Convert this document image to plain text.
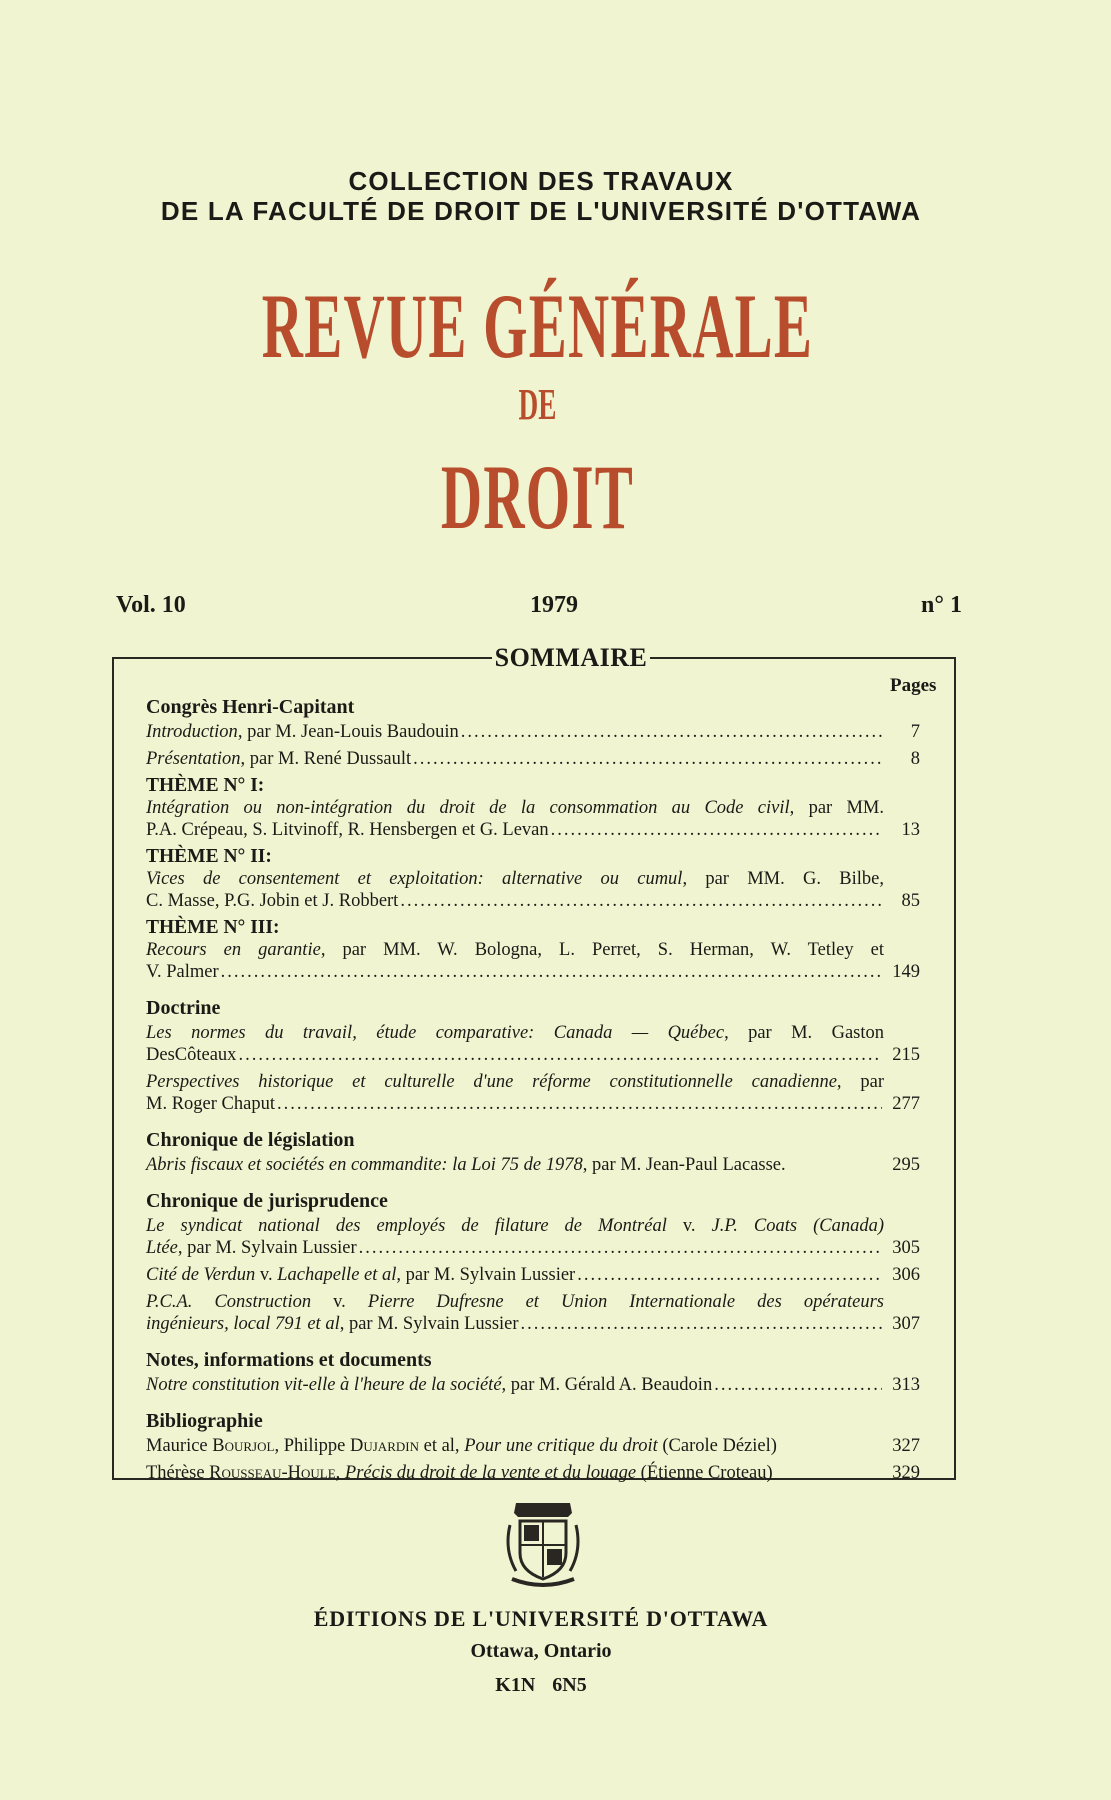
COLLECTION DES TRAVAUX
DE LA FACULTÉ DE DROIT DE L'UNIVERSITÉ D'OTTAWA
REVUE GÉNÉRALE
DE
DROIT
Vol. 10	1979	n° 1
SOMMAIRE
Pages
Congrès Henri-Capitant
Introduction, par M. Jean-Louis Baudouin .....	7
Présentation, par M. René Dussault .....	8
THÈME N° I:
Intégration ou non-intégration du droit de la consommation au Code civil, par MM.
P.A. Crépeau, S. Litvinoff, R. Hensbergen et G. Levan .....	13
THÈME N° II:
Vices de consentement et exploitation: alternative ou cumul, par MM. G. Bilbe,
C. Masse, P.G. Jobin et J. Robbert .....	85
THÈME N° III:
Recours en garantie, par MM. W. Bologna, L. Perret, S. Herman, W. Tetley et
V. Palmer .....	149
Doctrine
Les normes du travail, étude comparative: Canada — Québec, par M. Gaston
DesCôteaux .....	215
Perspectives historique et culturelle d'une réforme constitutionnelle canadienne, par
M. Roger Chaput .....	277
Chronique de législation
Abris fiscaux et sociétés en commandite: la Loi 75 de 1978, par M. Jean-Paul Lacasse.	295
Chronique de jurisprudence
Le syndicat national des employés de filature de Montréal v. J.P. Coats (Canada)
Ltée, par M. Sylvain Lussier .....	305
Cité de Verdun v. Lachapelle et al, par M. Sylvain Lussier .....	306
P.C.A. Construction v. Pierre Dufresne et Union Internationale des opérateurs
ingénieurs, local 791 et al, par M. Sylvain Lussier .....	307
Notes, informations et documents
Notre constitution vit-elle à l'heure de la société, par M. Gérald A. Beaudoin .....	313
Bibliographie
Maurice Bourjol, Philippe Dujardin et al, Pour une critique du droit (Carole Déziel)	327
Thérèse Rousseau-Houle, Précis du droit de la vente et du louage (Étienne Croteau)	329
ÉDITIONS DE L'UNIVERSITÉ D'OTTAWA
Ottawa, Ontario
K1N 6N5
